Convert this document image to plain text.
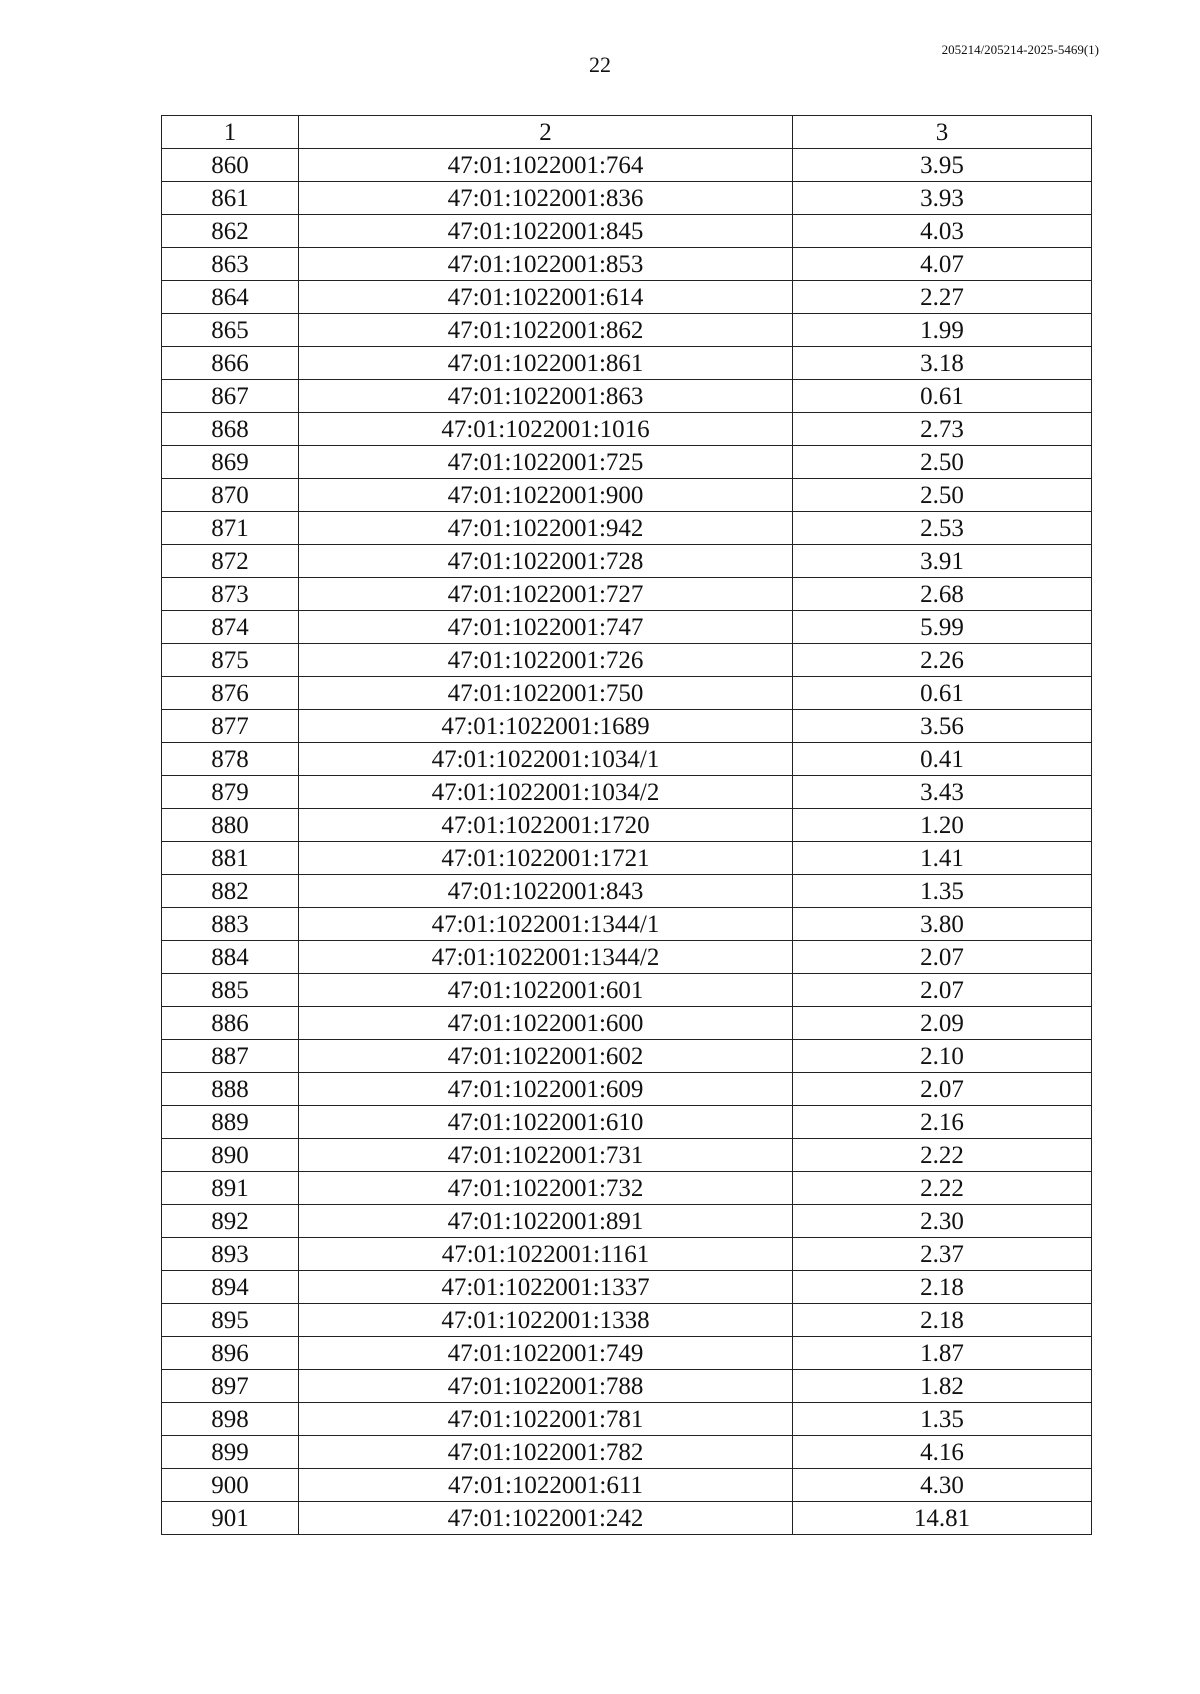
22
205214/205214-2025-5469(1)
1	2	3
860	47:01:1022001:764	3.95
861	47:01:1022001:836	3.93
862	47:01:1022001:845	4.03
863	47:01:1022001:853	4.07
864	47:01:1022001:614	2.27
865	47:01:1022001:862	1.99
866	47:01:1022001:861	3.18
867	47:01:1022001:863	0.61
868	47:01:1022001:1016	2.73
869	47:01:1022001:725	2.50
870	47:01:1022001:900	2.50
871	47:01:1022001:942	2.53
872	47:01:1022001:728	3.91
873	47:01:1022001:727	2.68
874	47:01:1022001:747	5.99
875	47:01:1022001:726	2.26
876	47:01:1022001:750	0.61
877	47:01:1022001:1689	3.56
878	47:01:1022001:1034/1	0.41
879	47:01:1022001:1034/2	3.43
880	47:01:1022001:1720	1.20
881	47:01:1022001:1721	1.41
882	47:01:1022001:843	1.35
883	47:01:1022001:1344/1	3.80
884	47:01:1022001:1344/2	2.07
885	47:01:1022001:601	2.07
886	47:01:1022001:600	2.09
887	47:01:1022001:602	2.10
888	47:01:1022001:609	2.07
889	47:01:1022001:610	2.16
890	47:01:1022001:731	2.22
891	47:01:1022001:732	2.22
892	47:01:1022001:891	2.30
893	47:01:1022001:1161	2.37
894	47:01:1022001:1337	2.18
895	47:01:1022001:1338	2.18
896	47:01:1022001:749	1.87
897	47:01:1022001:788	1.82
898	47:01:1022001:781	1.35
899	47:01:1022001:782	4.16
900	47:01:1022001:611	4.30
901	47:01:1022001:242	14.81
